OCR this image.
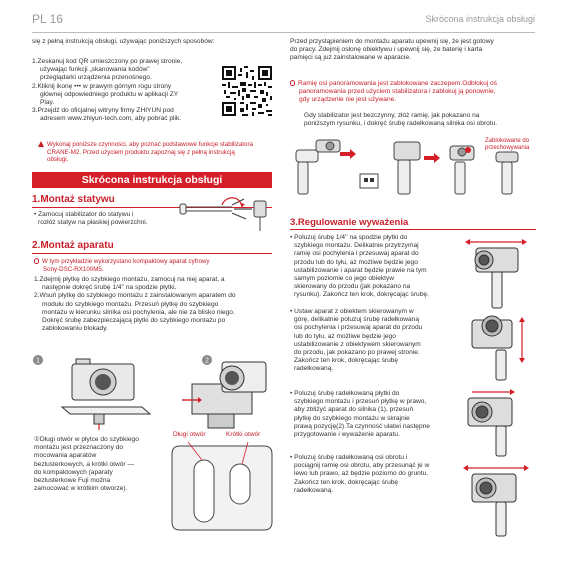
PL 16	Skrócona instrukcja obsługi

się z pełną instrukcją obsługi, używając poniższych sposobów:

1.Zeskanuj kod QR umieszczony po prawej stronie,

używając funkcji „skanowania kodów”

przeglądarki urządzenia przenośnego.

2.Kliknij ikonę ••• w prawym górnym rogu strony

głównej odpowiedniego produktu w aplikacji ZY

Play.

3.Przejdź do oficjalnej witryny firmy ZHIYUN pod

adresem www.zhiyun-tech.com, aby pobrać plik.

Wykonaj poniższe czynności, aby poznać podstawowe funkcje stabilizatora

CRANE-M2. Przed użyciem produktu zapoznaj się z pełną instrukcją

obsługi.

Skrócona instrukcja obsługi
1.Montaż statywu

• Zamocuj stabilizator do statywu i

rozłóż statyw na płaskiej powierzchni.

2.Montaż aparatu

W tym przykładzie wykorzystano kompaktowy aparat cyfrowy

Sony-DSC-RX100M5.

1.Zdejmij płytkę do szybkiego montażu, zamocuj na niej aparat, a

następnie dokręć śrubę 1/4'' na spodzie płytki.

2.Wsuń płytkę do szybkiego montażu z zainstalowanym aparatem do

modułu do szybkiego montażu. Przesuń płytkę do szybkiego

montażu w kierunku silnika osi pochylenia, ale nie za blisko niego.

Dokręć śrubę zabezpieczającą płytki do szybkiego montażu po

zablokowaniu blokady.

1	2

①Długi otwór w płytce do szybkiego

montażu jest przeznaczony do

mocowania aparatów

bezlusterkowych, a krótki otwór —

do kompaktowych (aparaty

bezlusterkowe Fuji można

zamocować w krótkim otworze).

Długi otwór	Krótki otwór

Przed przystąpieniem do montażu aparatu upewnij się, że jest gotowy

do pracy. Zdejmij osłonę obiektywu i upewnij się, że baterię i karta

pamięci są już zainstalowane w aparacie.

Ramię osi panoramowania jest zablokowane zaczepem.Odblokuj oś

panoramowania przed użyciem stabilizatora i zablokuj ją ponownie,

gdy urządzenie nie jest używane.

Gdy stabilizator jest bezczynny, złóż ramię, jak pokazano na

poniższym rysunku, i dokręć śrubę radełkowaną silnika osi obrotu.

Zablokowane do
przechowywania
3.Regulowanie wyważenia

• Poluzuj śrubę 1/4'' na spodzie płytki do

szybkiego montażu. Delikatnie przytrzymaj

ramię osi pochylenia i przesuwaj aparat do

przodu lub do tyłu, aż możliwe będzie jego

ustabilizowanie i aparat będzie prawie na tym

samym poziomie co jego obiektyw

skierowany do przodu (jak pokazano na

rysunku). Zakończ ten krok, dokręcając śrubę.

• Ustaw aparat z obiektem skierowanym w

górę, delikatnie poluzuj śrubę radełkowaną

osi pochylenia i przesuwaj aparat do przodu

lub do tyłu, aż możliwe będzie jego

ustabilizowanie z obiektywem skierowanym

do przodu, jak pokazano po prawej stronie.

Zakończ ten krok, dokręcając śrubę

radełkowaną.

• Poluzuj śrubę radełkowaną płytki do

szybkiego montażu i przesuń płytkę w prawo,

aby zbliżyć aparat do silnika (1), przesuń

płytkę do szybkiego montażu w skrajnie

prawą pozycję(2).Ta czynność ułatwi następne

przygotowanie i wyważenie aparatu.

• Poluzuj śrubę radełkowaną osi obrotu i

pociągnij ramię osi obrotu, aby przesunąć je w

lewo lub prawo, aż będzie poziomo do gruntu.

Zakończ ten krok, dokręcając śrubę

radełkowaną.
